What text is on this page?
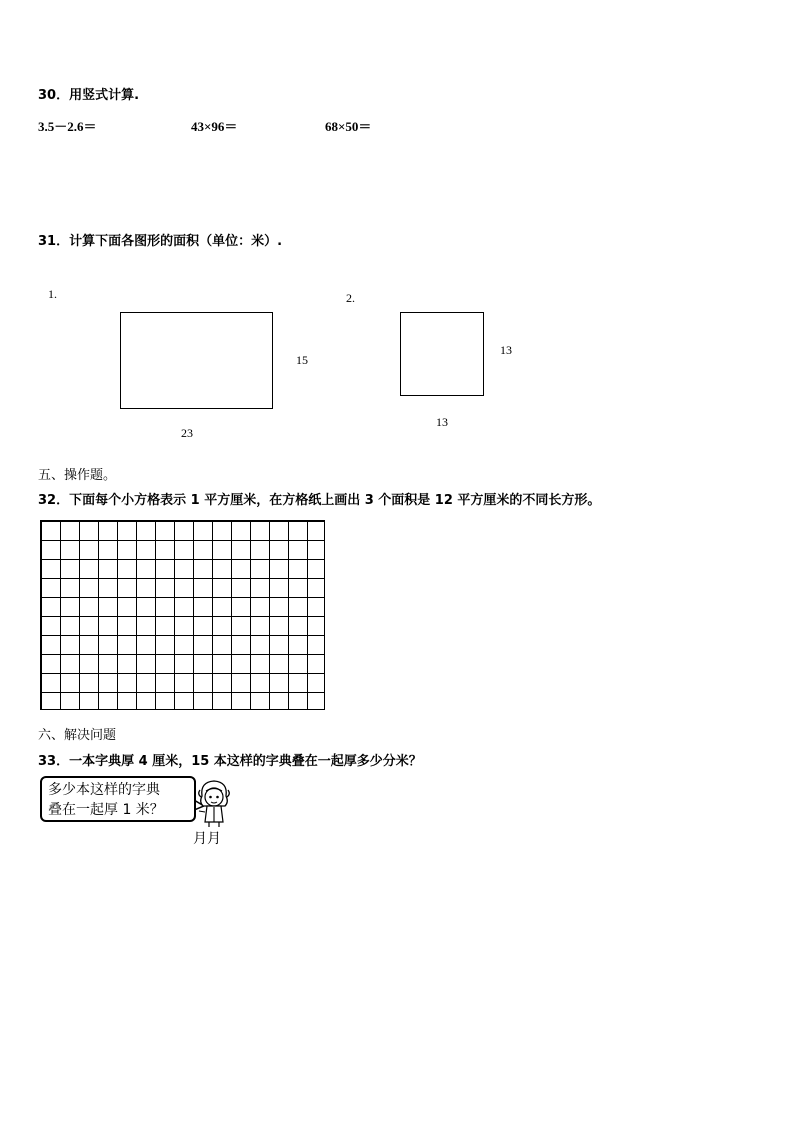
30．用竖式计算.
3.5－2.6＝	43×96＝	68×50＝
31．计算下面各图形的面积（单位：米）.
1.
15
23
2.
13
13
五、操作题。
32．下面每个小方格表示 1 平方厘米，在方格纸上画出 3 个面积是 12 平方厘米的不同长方形。
六、解决问题
33．一本字典厚 4 厘米，15 本这样的字典叠在一起厚多少分米？
多少本这样的字典
叠在一起厚 1 米？
月月
